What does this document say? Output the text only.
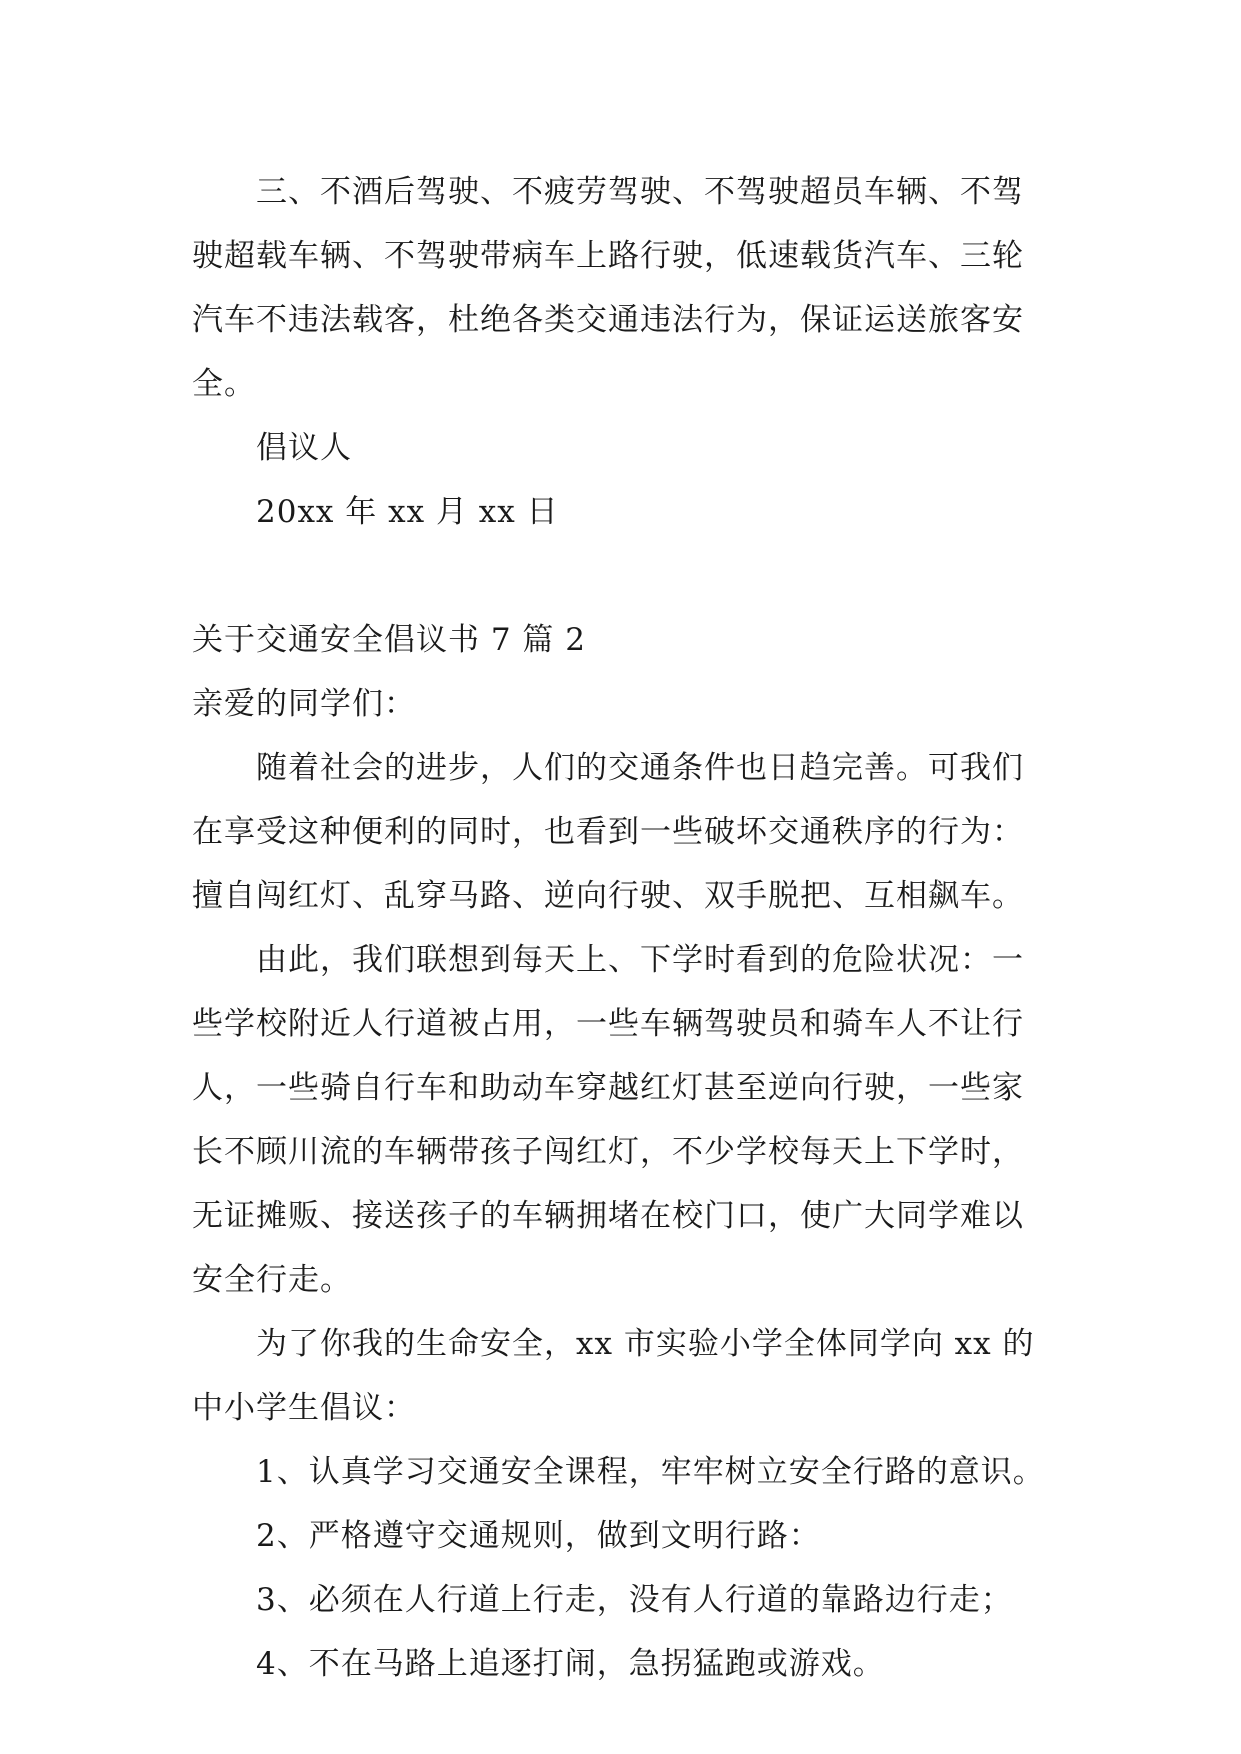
三、不酒后驾驶、不疲劳驾驶、不驾驶超员车辆、不驾驶超载车辆、不驾驶带病车上路行驶，低速载货汽车、三轮汽车不违法载客，杜绝各类交通违法行为，保证运送旅客安全。

倡议人

20xx 年 xx 月 xx 日

关于交通安全倡议书 7 篇 2

亲爱的同学们：

随着社会的进步，人们的交通条件也日趋完善。可我们在享受这种便利的同时，也看到一些破坏交通秩序的行为：擅自闯红灯、乱穿马路、逆向行驶、双手脱把、互相飙车。

由此，我们联想到每天上、下学时看到的危险状况：一些学校附近人行道被占用，一些车辆驾驶员和骑车人不让行人，一些骑自行车和助动车穿越红灯甚至逆向行驶，一些家长不顾川流的车辆带孩子闯红灯，不少学校每天上下学时，无证摊贩、接送孩子的车辆拥堵在校门口，使广大同学难以安全行走。

为了你我的生命安全，xx 市实验小学全体同学向 xx 的中小学生倡议：

1、认真学习交通安全课程，牢牢树立安全行路的意识。

2、严格遵守交通规则，做到文明行路：

3、必须在人行道上行走，没有人行道的靠路边行走；

4、不在马路上追逐打闹，急拐猛跑或游戏。
